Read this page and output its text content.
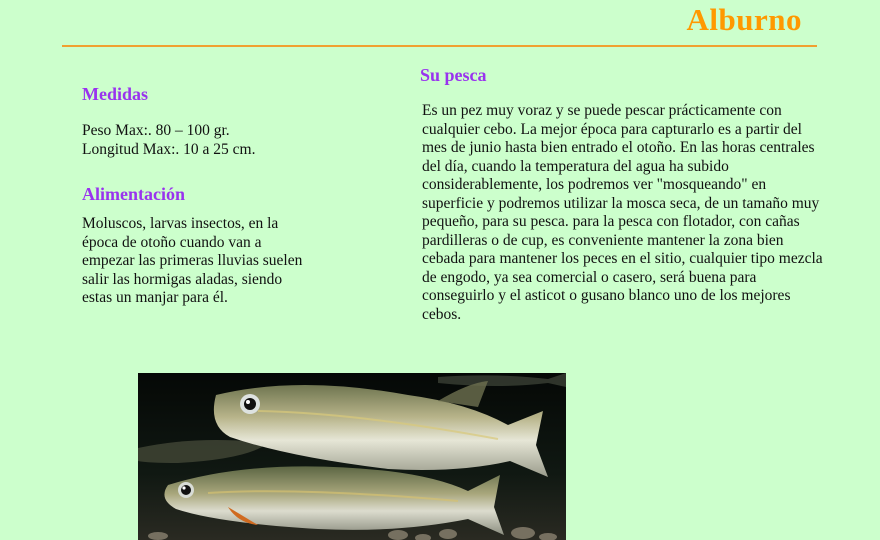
Alburno
Medidas
Peso Max:. 80 – 100 gr.
Longitud Max:. 10 a 25 cm.
Alimentación
Moluscos, larvas insectos, en la época de otoño cuando van a empezar las primeras lluvias suelen salir las hormigas aladas, siendo estas un manjar para él.
Su pesca
Es un pez muy voraz y se puede pescar prácticamente con cualquier cebo. La mejor época para capturarlo es a partir del mes de junio hasta bien entrado el otoño. En las horas centrales del día, cuando la temperatura del agua ha subido considerablemente, los podremos ver "mosqueando" en superficie y podremos utilizar la mosca seca, de un tamaño muy pequeño, para su pesca. para la pesca con flotador, con cañas pardilleras o de cup, es conveniente mantener la zona bien cebada para mantener los peces en el sitio, cualquier tipo mezcla de engodo, ya sea comercial o casero, será buena para conseguirlo y el asticot o gusano blanco uno de los mejores cebos.
